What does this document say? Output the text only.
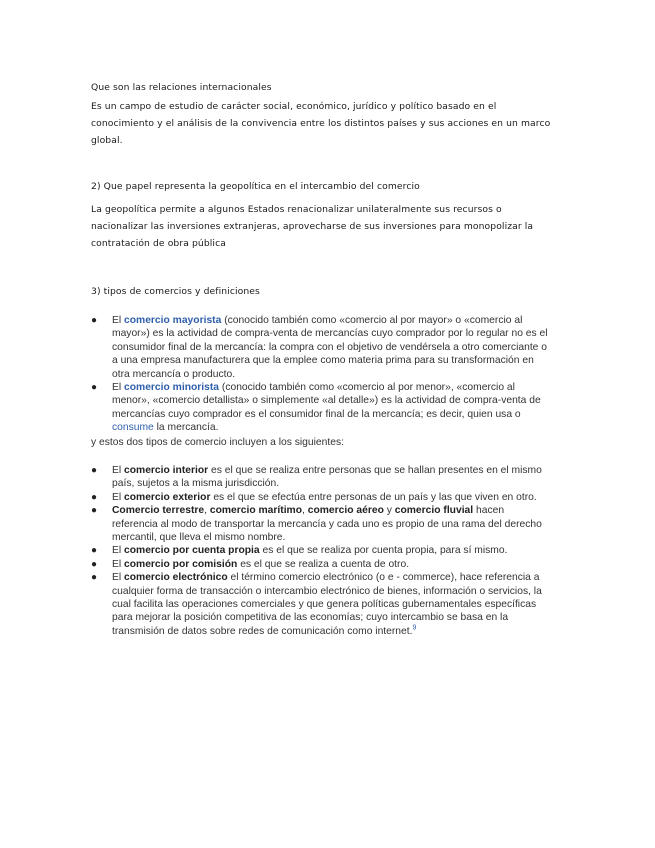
Que son las relaciones internacionales
Es un campo de estudio de carácter social, económico, jurídico y político basado en el conocimiento y el análisis de la convivencia entre los distintos países y sus acciones en un marco global.
2) Que papel representa la geopolítica en el intercambio del comercio
La geopolítica permite a algunos Estados renacionalizar unilateralmente sus recursos o nacionalizar las inversiones extranjeras, aprovecharse de sus inversiones para monopolizar la contratación de obra pública
3) tipos de comercios y definiciones
● El comercio mayorista (conocido también como «comercio al por mayor» o «comercio al mayor») es la actividad de compra-venta de mercancías cuyo comprador por lo regular no es el consumidor final de la mercancía: la compra con el objetivo de vendérsela a otro comerciante o a una empresa manufacturera que la emplee como materia prima para su transformación en otra mercancía o producto.
● El comercio minorista (conocido también como «comercio al por menor», «comercio al menor», «comercio detallista» o simplemente «al detalle») es la actividad de compra-venta de mercancías cuyo comprador es el consumidor final de la mercancía; es decir, quien usa o consume la mercancía.
y estos dos tipos de comercio incluyen a los siguientes:
● El comercio interior es el que se realiza entre personas que se hallan presentes en el mismo país, sujetos a la misma jurisdicción.
● El comercio exterior es el que se efectúa entre personas de un país y las que viven en otro.
● Comercio terrestre, comercio marítimo, comercio aéreo y comercio fluvial hacen referencia al modo de transportar la mercancía y cada uno es propio de una rama del derecho mercantil, que lleva el mismo nombre.
● El comercio por cuenta propia es el que se realiza por cuenta propia, para sí mismo.
● El comercio por comisión es el que se realiza a cuenta de otro.
● El comercio electrónico el término comercio electrónico (o e - commerce), hace referencia a cualquier forma de transacción o intercambio electrónico de bienes, información o servicios, la cual facilita las operaciones comerciales y que genera políticas gubernamentales específicas para mejorar la posición competitiva de las economías; cuyo intercambio se basa en la transmisión de datos sobre redes de comunicación como internet.$^9$
